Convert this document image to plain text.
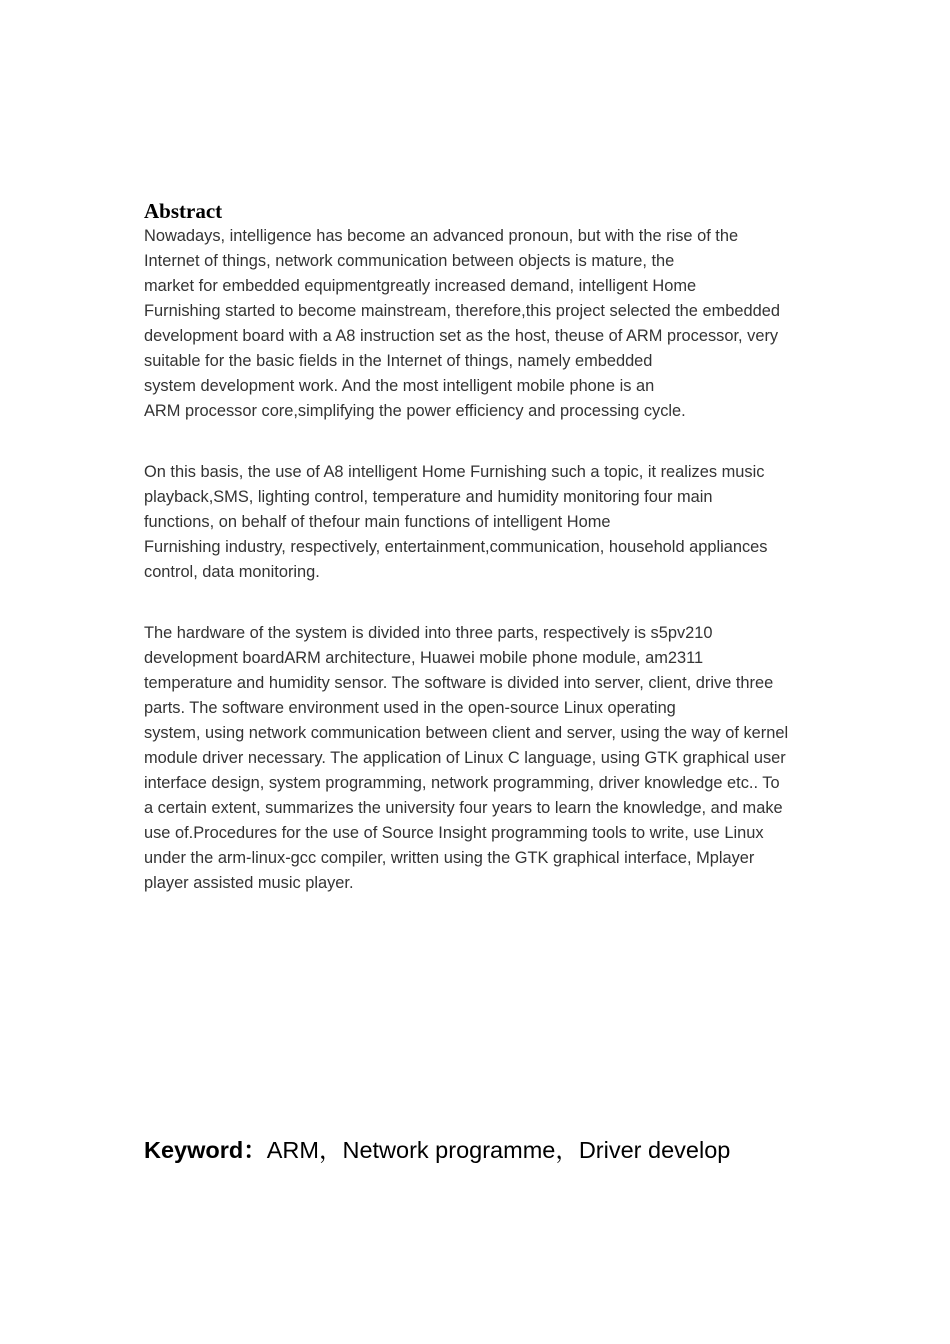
Abstract

Nowadays, intelligence has become an advanced pronoun, but with the rise of the
Internet of things, network communication between objects is mature, the
market for embedded equipmentgreatly increased demand, intelligent Home
Furnishing started to become mainstream, therefore,this project selected the embedded
development board with a A8 instruction set as the host, theuse of ARM processor, very
suitable for the basic fields in the Internet of things, namely embedded
system development work. And the most intelligent mobile phone is an
ARM processor core,simplifying the power efficiency and processing cycle.

On this basis, the use of A8 intelligent Home Furnishing such a topic, it realizes music
playback,SMS, lighting control, temperature and humidity monitoring four main
functions, on behalf of thefour main functions of intelligent Home
Furnishing industry, respectively, entertainment,communication, household appliances
control, data monitoring.

The hardware of the system is divided into three parts, respectively is s5pv210
development boardARM architecture, Huawei mobile phone module, am2311
temperature and humidity sensor. The software is divided into server, client, drive three
parts. The software environment used in the open-source Linux operating
system, using network communication between client and server, using the way of kernel
module driver necessary. The application of Linux C language, using GTK graphical user
interface design, system programming, network programming, driver knowledge etc.. To
a certain extent, summarizes the university four years to learn the knowledge, and make
use of.Procedures for the use of Source Insight programming tools to write, use Linux
under the arm-linux-gcc compiler, written using the GTK graphical interface, Mplayer
player assisted music player.

Keyword：ARM，Network programme，Driver develop
